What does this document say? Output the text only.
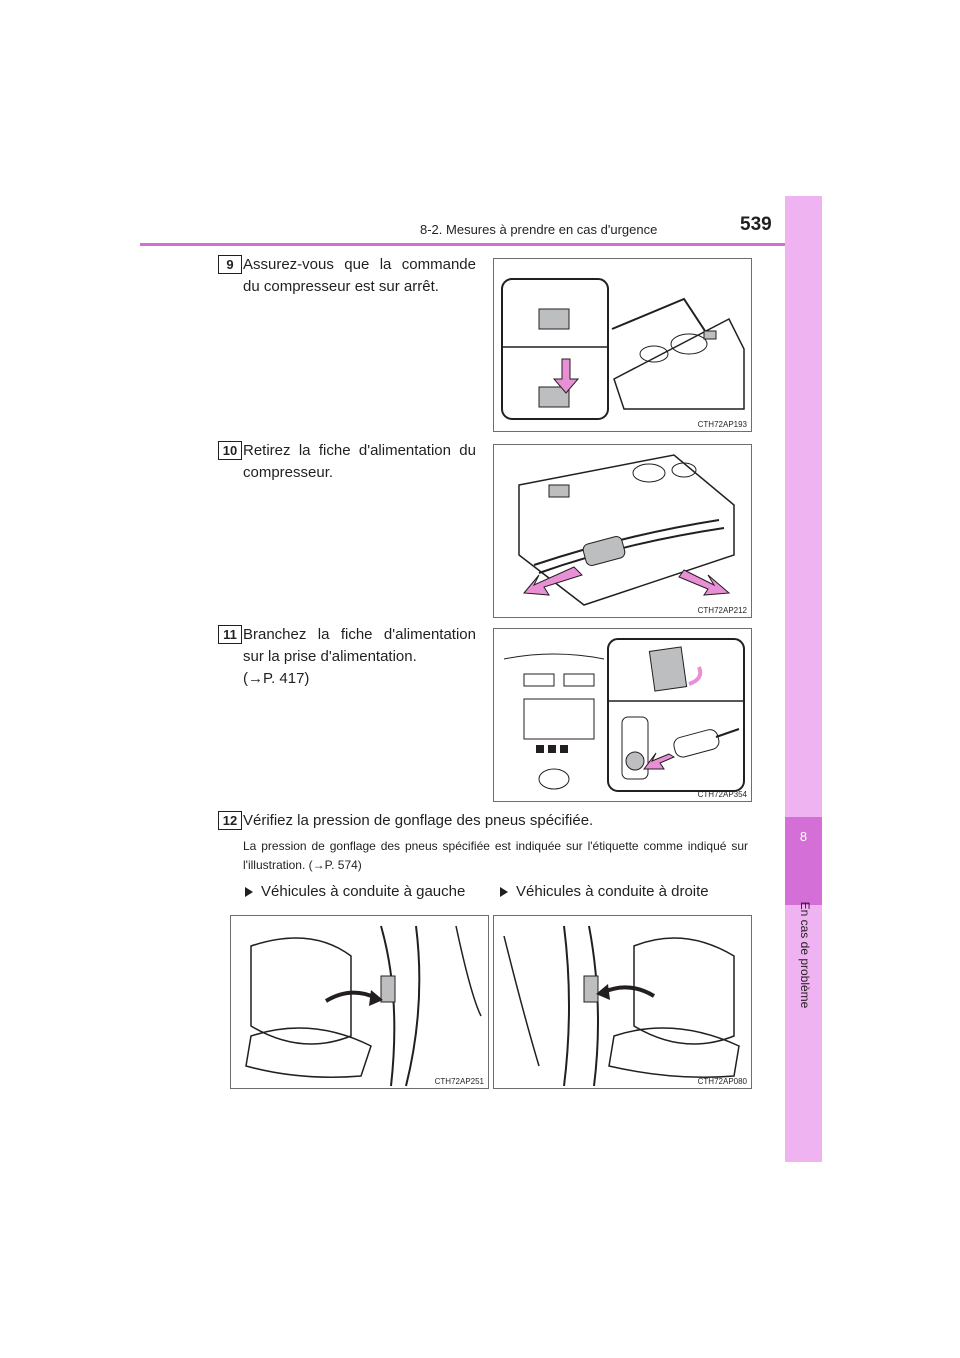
8-2. Mesures à prendre en cas d'urgence	539
8
En cas de problème
9 Assurez-vous que la commande du compresseur est sur arrêt.
CTH72AP193
10 Retirez la fiche d'alimentation du compresseur.
CTH72AP212
11 Branchez la fiche d'alimentation sur la prise d'alimentation.
(→P. 417)
CTH72AP354
12 Vérifiez la pression de gonflage des pneus spécifiée.
La pression de gonflage des pneus spécifiée est indiquée sur l'étiquette comme indiqué sur l'illustration. (→P. 574)
Véhicules à conduite à gauche	Véhicules à conduite à droite
CTH72AP251	CTH72AP080
